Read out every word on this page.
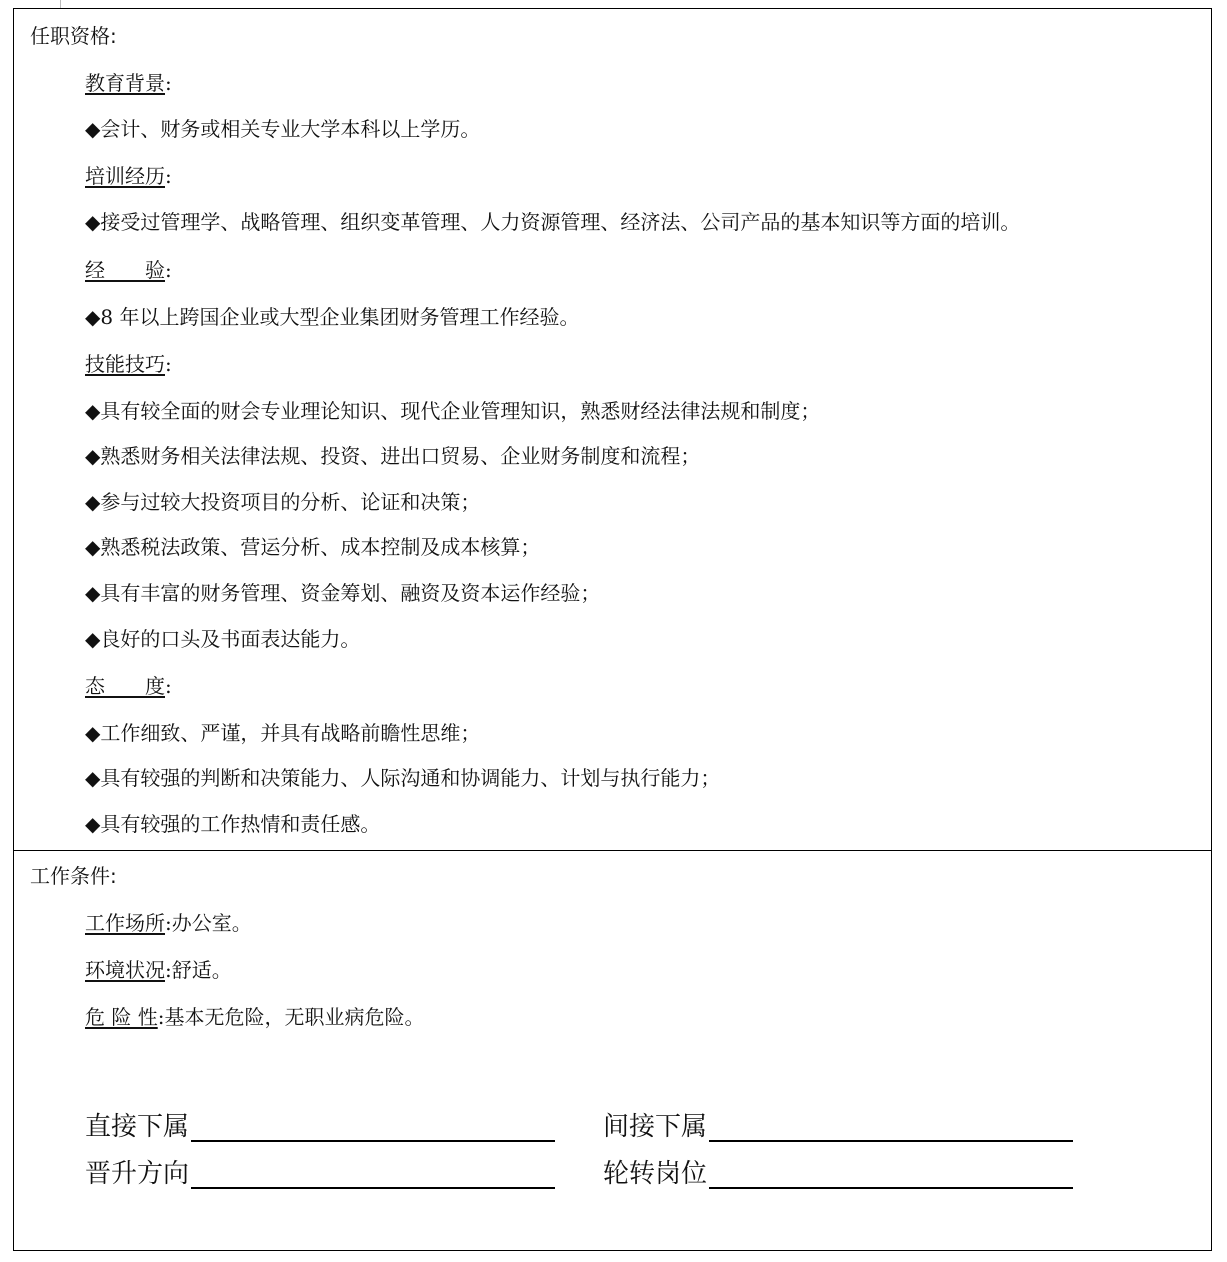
任职资格:
教育背景:
◆会计、财务或相关专业大学本科以上学历。
培训经历:
◆接受过管理学、战略管理、组织变革管理、人力资源管理、经济法、公司产品的基本知识等方面的培训。
经　　验:
◆8 年以上跨国企业或大型企业集团财务管理工作经验。
技能技巧:
◆具有较全面的财会专业理论知识、现代企业管理知识，熟悉财经法律法规和制度；
◆熟悉财务相关法律法规、投资、进出口贸易、企业财务制度和流程；
◆参与过较大投资项目的分析、论证和决策；
◆熟悉税法政策、营运分析、成本控制及成本核算；
◆具有丰富的财务管理、资金筹划、融资及资本运作经验；
◆良好的口头及书面表达能力。
态　　度:
◆工作细致、严谨，并具有战略前瞻性思维；
◆具有较强的判断和决策能力、人际沟通和协调能力、计划与执行能力；
◆具有较强的工作热情和责任感。
工作条件:
工作场所:办公室。
环境状况:舒适。
危 险 性:基本无危险，无职业病危险。
直接下属	间接下属
晋升方向	轮转岗位
